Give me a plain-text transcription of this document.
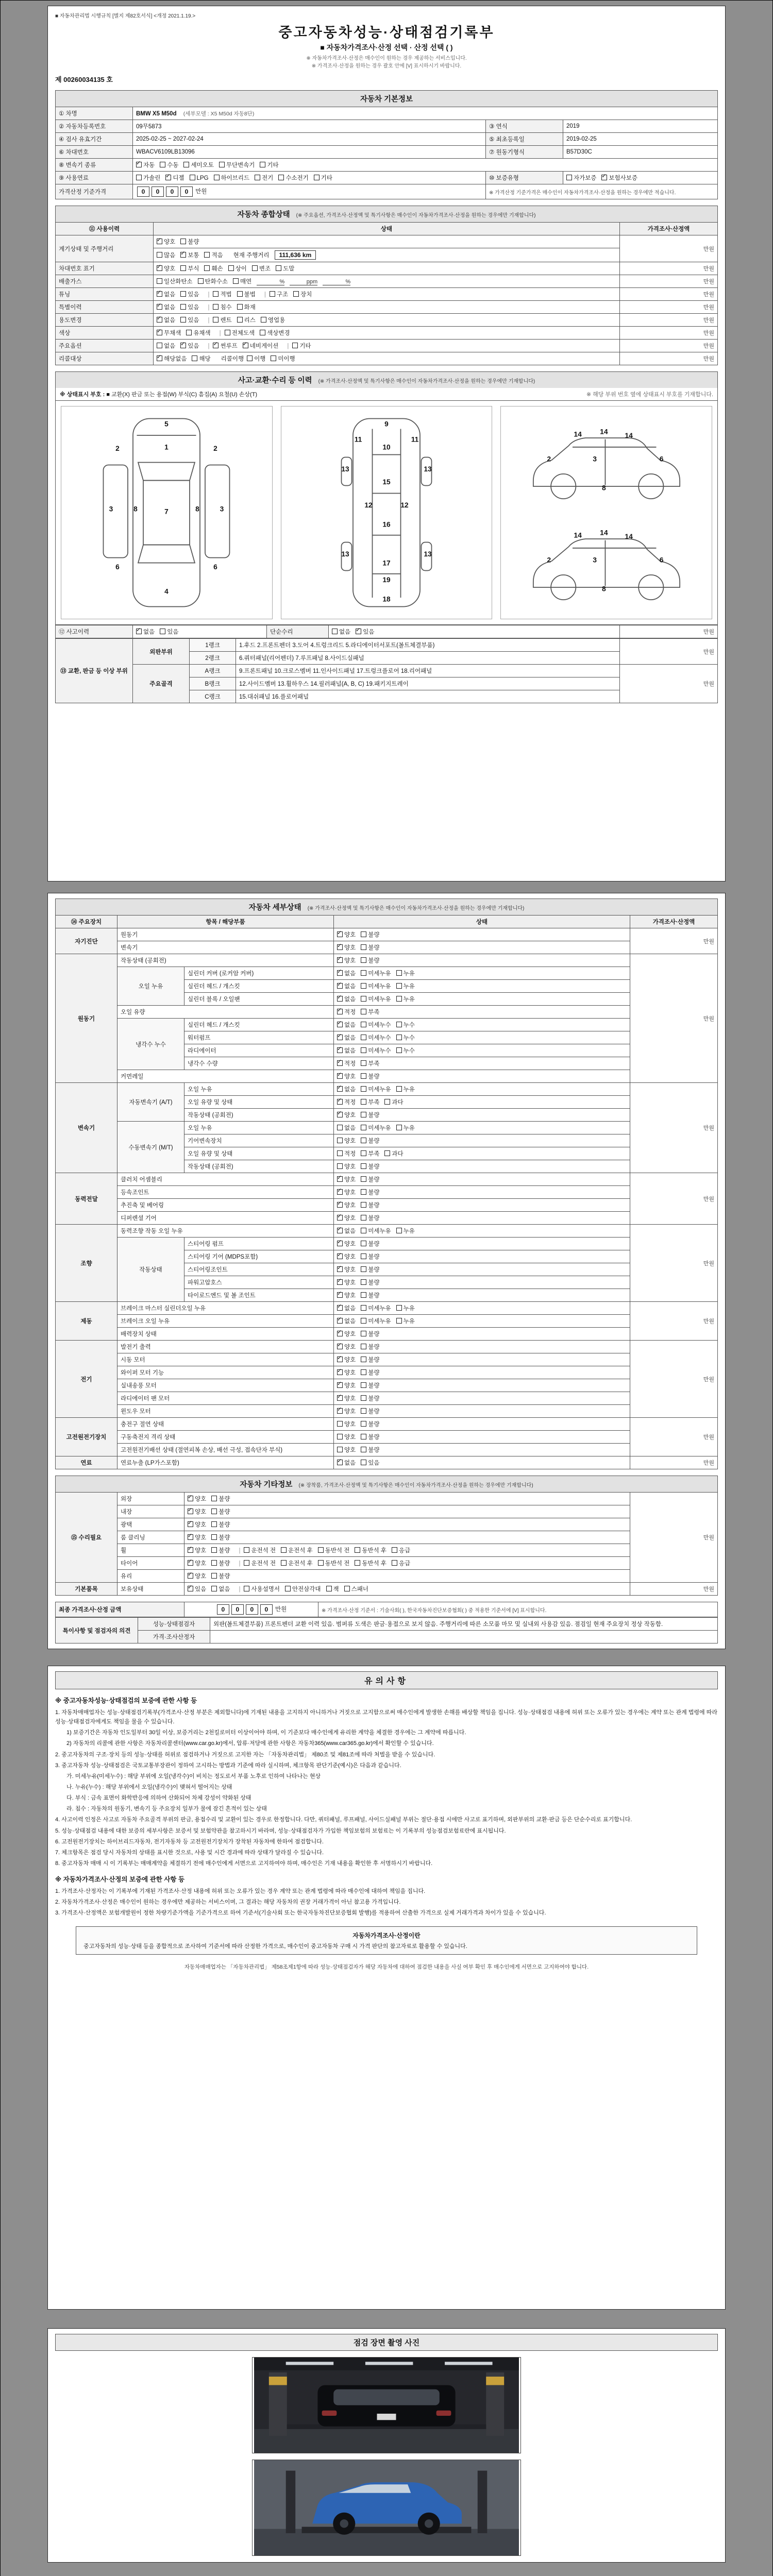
■ 자동차관리법 시행규칙 [별지 제82호서식] <개정 2021.1.19.>
중고자동차성능·상태점검기록부
■ 자동차가격조사·산정 선택 · 산정 선택 ( )
※ 자동차가격조사·산정은 매수인이 원하는 경우 제공하는 서비스입니다.
※ 가격조사·산정을 원하는 경우 괄호 안에 [V] 표시하시기 바랍니다.
제 00260034135 호
자동차 기본정보
① 차명	BMW X5 M50d (세부모델 : X5 M50d 자동8단)		
② 자동차등록번호	09무5873	③ 연식	2019
④ 검사 유효기간	2025-02-25 ~ 2027-02-24	⑤ 최초등록일	2019-02-25
⑥ 차대번호	WBACV6109LB13096	⑦ 원동기형식	B57D30C
⑧ 변속기 종류	✓자동 수동 세미오토 무단변속기 기타
⑨ 사용연료	가솔린 ✓ 디젤 LPG 하이브리드 전기 수소전기 기타	⑩ 보증유형	자가보증 ✓ 보험사보증
가격산정 기준가격	0 0 0 0 만원	※ 가격산정 기준가격은 매수인이 자동차가격조사·산정을 원하는 경우에만 적습니다.	
자동차 종합상태 (※ 주요옵션, 가격조사·산정액 및 특기사항은 매수인이 자동차가격조사·산정을 원하는 경우에만 기재합니다)
⑪ 사용이력	상태	가격조사·산정액
계기상태 및 주행거리	✓양호 불량	만원
	많음 ✓ 보통 적음 현재 주행거리 111,636 km
차대번호 표기	✓양호 부식 훼손 상이 변조 도말	만원
배출가스	일산화탄소 탄화수소 매연 % ppm %	만원
튜닝	✓없음 있음 | 적법 불법 | 구조 장치	만원
특별이력	✓없음 있음 | 침수 화재	만원
용도변경	✓없음 있음 | 렌트 리스 영업용	만원
색상	✓무채색 유채색 | 전체도색 색상변경	만원
주요옵션	없음 ✓ 있음 | ✓ 썬루프 ✓ 네비게이션 | 기타	만원
리콜대상	✓해당없음 해당 리콜이행 이행 미이행	만원
사고·교환·수리 등 이력 (※ 가격조사·산정액 및 특기사항은 매수인이 자동차가격조사·산정을 원하는 경우에만 기재합니다)
※ 상태표시 부호 : ■ 교환(X) 판금 또는 용접(W) 부식(C) 흠집(A) 요철(U) 손상(T)	※ 해당 부위 번호 옆에 상태표시 부호를 기재합니다.
5
1
2	2
3	3
8	8
7
6	6
4
9
11	11
10
13	13
15
12	12
16
13	13
17
19
18
14	14	14
2	3	6
8
14	14	14
2	3	6
8
⑫ 사고이력	✓없음 있음	단순수리	없음 ✓ 있음	만원
⑬ 교환, 판금 등 이상 부위	외판부위	1랭크	1.후드 2.프론트펜더 3.도어 4.트렁크리드 5.라디에이터서포트(볼트체결부품)	만원
		2랭크	6.쿼터패널(리어펜더) 7.루프패널 8.사이드실패널	
	주요골격	A랭크	9.프론트패널 10.크로스멤버 11.인사이드패널 17.트렁크플로어 18.리어패널	만원
		B랭크	12.사이드멤버 13.휠하우스 14.필러패널(A, B, C) 19.패키지트레이	
		C랭크	15.대쉬패널 16.플로어패널	
자동차 세부상태 (※ 가격조사·산정액 및 특기사항은 매수인이 자동차가격조사·산정을 원하는 경우에만 기재합니다)
⑭ 주요장치	항목 / 해당부품		상태	가격조사·산정액
자기진단	원동기	✓양호 불량	만원
	변속기	✓양호 불량
원동기	작동상태 (공회전)	✓양호 불량	만원
	오일 누유	실린더 커버 (로커암 커버)	✓없음 미세누유 누유
		실린더 헤드 / 개스킷	✓없음 미세누유 누유
		실린더 블록 / 오일팬	✓없음 미세누유 누유
	오일 유량	✓적정 부족
	냉각수 누수	실린더 헤드 / 개스킷	✓없음 미세누수 누수
		워터펌프	✓없음 미세누수 누수
		라디에이터	✓없음 미세누수 누수
		냉각수 수량	✓적정 부족
	커먼레일	✓양호 불량
변속기	자동변속기 (A/T)	오일 누유	✓없음 미세누유 누유	만원
		오일 유량 및 상태	✓적정 부족 과다
		작동상태 (공회전)	✓양호 불량
	수동변속기 (M/T)	오일 누유	없음 미세누유 누유	
		기어변속장치	양호 불량	
		오일 유량 및 상태	적정 부족 과다	
		작동상태 (공회전)	양호 불량	
동력전달	클러치 어셈블리	✓양호 불량	만원
	등속조인트	✓양호 불량
	추진축 및 베어링	✓양호 불량
	디퍼렌셜 기어	✓양호 불량
조향	동력조향 작동 오일 누유	✓없음 미세누유 누유	만원
	작동상태	스티어링 펌프	✓양호 불량
		스티어링 기어 (MDPS포함)	✓양호 불량
		스티어링조인트	✓양호 불량
		파워고압호스	✓양호 불량
		타이로드엔드 및 볼 조인트	✓양호 불량
제동	브레이크 마스터 실린더오일 누유	✓없음 미세누유 누유	만원
	브레이크 오일 누유	✓없음 미세누유 누유
	배력장치 상태	✓양호 불량
전기	발전기 출력	✓양호 불량	만원
	시동 모터	✓양호 불량
	와이퍼 모터 기능	✓양호 불량
	실내송풍 모터	✓양호 불량
	라디에이터 팬 모터	✓양호 불량
	윈도우 모터	✓양호 불량
고전원전기장치	충전구 절연 상태		양호 불량	만원
	구동축전지 격리 상태		양호 불량	
	고전원전기배선 상태 (절연피복 손상, 배선 극성, 접속단자 부식)		양호 불량	
연료	연료누출 (LP가스포함)	✓없음 있음	만원
자동차 기타정보 (※ 장착품, 가격조사·산정액 및 특기사항은 매수인이 자동차가격조사·산정을 원하는 경우에만 기재합니다)
⑮ 수리필요	외장	✓양호 불량	만원
	내장	✓양호 불량
	광택	✓양호 불량
	룸 클리닝	✓양호 불량
	휠	✓양호 불량 | 운전석 전 운전석 후 동반석 전 동반석 후 응급
	타이어	✓양호 불량 | 운전석 전 운전석 후 동반석 전 동반석 후 응급
	유리	✓양호 불량
기본품목	보유상태	✓있음 없음 | 사용설명서 안전삼각대 잭 스패너	만원
최종 가격조사·산정 금액	0 0 0 0 만원	※ 가격조사·산정 기준서 : 기술사회( ), 한국자동차진단보증협회( ) 중 적용한 기준서에 [V] 표시합니다.
특이사항 및 점검자의 의견	성능·상태점검자	외판(볼트체결부품) 프론트펜더 교환 이력 있음. 범퍼류 도색은 판금·용접으로 보지 않음. 주행거리에 따른 소모품 마모 및 실내외 사용감 있음. 점검일 현재 주요장치 정상 작동함.
	가격·조사산정자	
유의사항
※ 중고자동차성능·상태점검의 보증에 관한 사항 등
1. 자동차매매업자는 성능·상태점검기록부(가격조사·산정 부분은 제외합니다)에 기재된 내용을 고지하지 아니하거나 거짓으로 고지함으로써 매수인에게 발생한 손해를 배상할 책임을 집니다. 성능·상태점검 내용에 허위 또는 오류가 있는 경우에는 계약 또는 관계 법령에 따라 성능·상태점검자에게도 책임을 물을 수 있습니다.
1) 보증기간은 자동차 인도일부터 30일 이상, 보증거리는 2천킬로미터 이상이어야 하며, 이 기준보다 매수인에게 유리한 계약을 체결한 경우에는 그 계약에 따릅니다.
2) 자동차의 리콜에 관한 사항은 자동차리콜센터(www.car.go.kr)에서, 압류·저당에 관한 사항은 자동차365(www.car365.go.kr)에서 확인할 수 있습니다.
2. 중고자동차의 구조·장치 등의 성능·상태를 허위로 점검하거나 거짓으로 고지한 자는 「자동차관리법」 제80조 및 제81조에 따라 처벌을 받을 수 있습니다.
3. 중고자동차 성능·상태점검은 국토교통부장관이 정하여 고시하는 방법과 기준에 따라 실시하며, 체크항목 판단기준(예시)은 다음과 같습니다.
가. 미세누유(미세누수) : 해당 부위에 오일(냉각수)이 비치는 정도로서 부품 노후로 인하여 나타나는 현상
나. 누유(누수) : 해당 부위에서 오일(냉각수)이 맺혀서 떨어지는 상태
다. 부식 : 금속 표면이 화학반응에 의하여 산화되어 차체 강성이 약화된 상태
라. 침수 : 자동차의 원동기, 변속기 등 주요장치 일부가 물에 잠긴 흔적이 있는 상태
4. 사고이력 인정은 사고로 자동차 주요골격 부위의 판금, 용접수리 및 교환이 있는 경우로 한정합니다. 다만, 쿼터패널, 루프패널, 사이드실패널 부위는 절단·용접 시에만 사고로 표기하며, 외판부위의 교환·판금 등은 단순수리로 표기합니다.
5. 성능·상태점검 내용에 대한 보증의 세부사항은 보증서 및 보험약관을 참고하시기 바라며, 성능·상태점검자가 가입한 책임보험의 보험료는 이 기록부의 성능점검보험료란에 표시됩니다.
6. 고전원전기장치는 하이브리드자동차, 전기자동차 등 고전원전기장치가 장착된 자동차에 한하여 점검합니다.
7. 체크항목은 점검 당시 자동차의 상태를 표시한 것으로, 사용 및 시간 경과에 따라 상태가 달라질 수 있습니다.
8. 중고자동차 매매 시 이 기록부는 매매계약을 체결하기 전에 매수인에게 서면으로 고지하여야 하며, 매수인은 기재 내용을 확인한 후 서명하시기 바랍니다.
※ 자동차가격조사·산정의 보증에 관한 사항 등
1. 가격조사·산정자는 이 기록부에 기재된 가격조사·산정 내용에 허위 또는 오류가 있는 경우 계약 또는 관계 법령에 따라 매수인에 대하여 책임을 집니다.
2. 자동차가격조사·산정은 매수인이 원하는 경우에만 제공하는 서비스이며, 그 결과는 해당 자동차의 권장 거래가격이 아닌 참고용 가격입니다.
3. 가격조사·산정액은 보험개발원이 정한 차량기준가액을 기준가격으로 하여 기준서(기술사회 또는 한국자동차진단보증협회 발행)를 적용하여 산출한 가격으로 실제 거래가격과 차이가 있을 수 있습니다.
자동차가격조사·산정이란
중고자동차의 성능·상태 등을 종합적으로 조사하여 기준서에 따라 산정한 가격으로, 매수인이 중고자동차 구매 시 가격 판단의 참고자료로 활용할 수 있습니다.
자동차매매업자는 「자동차관리법」 제58조제1항에 따라 성능·상태점검자가 해당 자동차에 대하여 점검한 내용을 사실 여부 확인 후 매수인에게 서면으로 고지하여야 합니다.
점검 장면 촬영 사진
